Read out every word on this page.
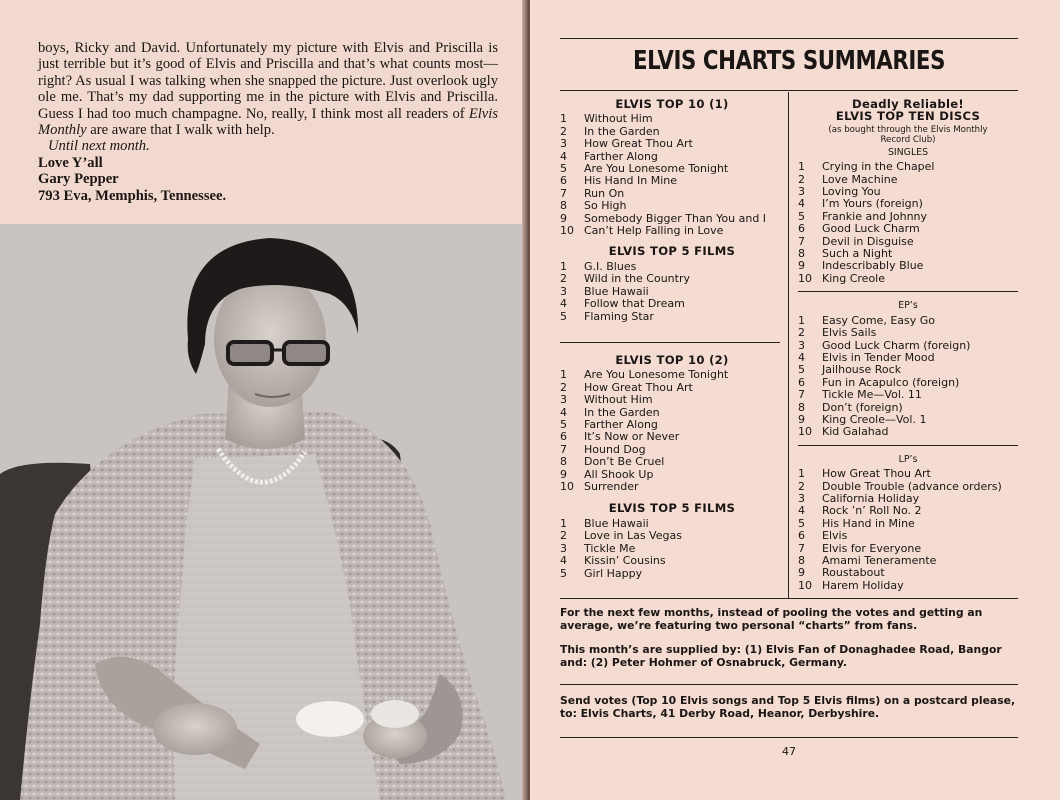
boys, Ricky and David. Unfortunately my picture with Elvis and Priscilla is just terrible but it’s good of Elvis and Priscilla and that’s what counts most—right? As usual I was talking when she snapped the picture. Just overlook ugly ole me. That’s my dad supporting me in the picture with Elvis and Priscilla. Guess I had too much champagne. No, really, I think most all readers of Elvis Monthly are aware that I walk with help.

Until next month.

Love Y’all

Gary Pepper

793 Eva, Memphis, Tennessee.

ELVIS CHARTS SUMMARIES
ELVIS TOP 10 (1)
1	Without Him
2	In the Garden
3	How Great Thou Art
4	Farther Along
5	Are You Lonesome Tonight
6	His Hand In Mine
7	Run On
8	So High
9	Somebody Bigger Than You and I
10 Can’t Help Falling in Love
ELVIS TOP 5 FILMS
1	G.I. Blues
2	Wild in the Country
3	Blue Hawaii
4	Follow that Dream
5	Flaming Star
ELVIS TOP 10 (2)
1	Are You Lonesome Tonight
2	How Great Thou Art
3	Without Him
4	In the Garden
5	Farther Along
6	It’s Now or Never
7	Hound Dog
8	Don’t Be Cruel
9	All Shook Up
10 Surrender
ELVIS TOP 5 FILMS
1	Blue Hawaii
2	Love in Las Vegas
3	Tickle Me
4	Kissin’ Cousins
5	Girl Happy
Deadly Reliable!
ELVIS TOP TEN DISCS
(as bought through the Elvis Monthly
Record Club)
SINGLES
1	Crying in the Chapel
2	Love Machine
3	Loving You
4	I’m Yours (foreign)
5	Frankie and Johnny
6	Good Luck Charm
7	Devil in Disguise
8	Such a Night
9	Indescribably Blue
10 King Creole
EP’s
1	Easy Come, Easy Go
2	Elvis Sails
3	Good Luck Charm (foreign)
4	Elvis in Tender Mood
5	Jailhouse Rock
6	Fun in Acapulco (foreign)
7	Tickle Me—Vol. 11
8	Don’t (foreign)
9	King Creole—Vol. 1
10 Kid Galahad
LP’s
1	How Great Thou Art
2	Double Trouble (advance orders)
3	California Holiday
4	Rock ’n’ Roll No. 2
5	His Hand in Mine
6	Elvis
7	Elvis for Everyone
8	Amami Teneramente
9	Roustabout
10 Harem Holiday
For the next few months, instead of pooling the votes and getting an average, we’re featuring two personal “charts” from fans.
This month’s are supplied by: (1) Elvis Fan of Donaghadee Road, Bangor and: (2) Peter Hohmer of Osnabruck, Germany.
Send votes (Top 10 Elvis songs and Top 5 Elvis films) on a postcard please, to: Elvis Charts, 41 Derby Road, Heanor, Derbyshire.
47
